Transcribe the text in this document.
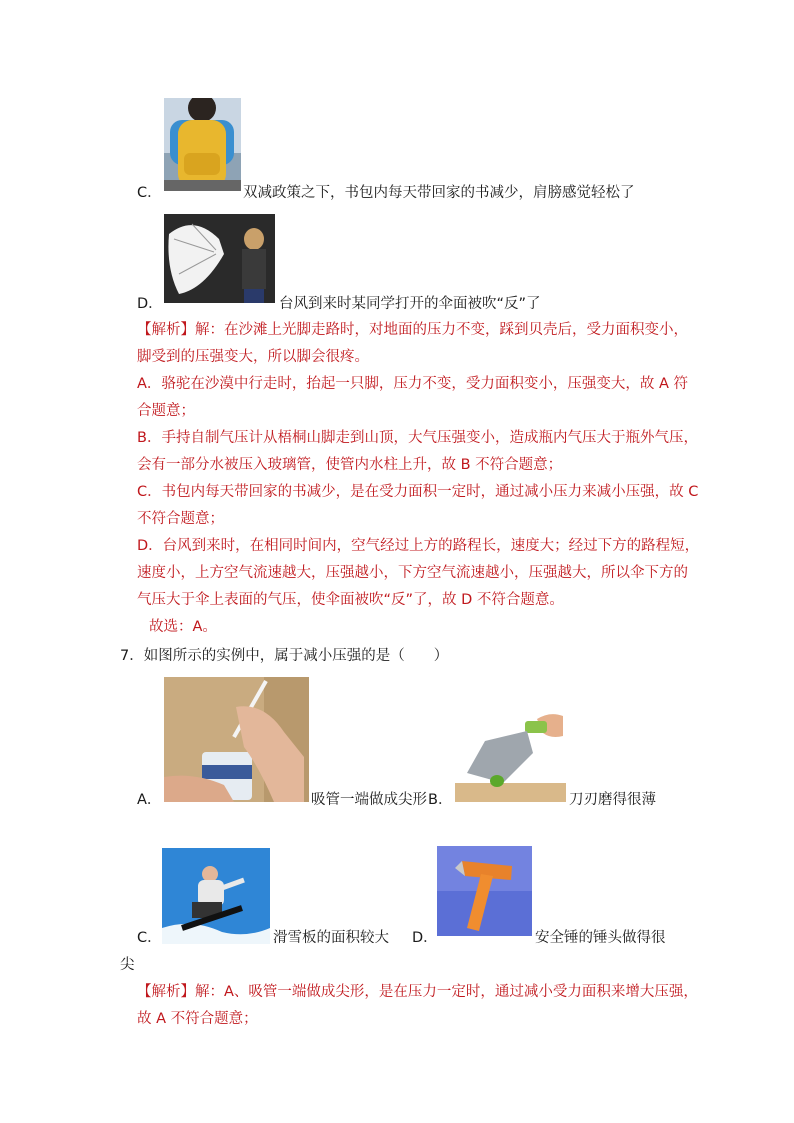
C．	双减政策之下，书包内每天带回家的书减少，肩膀感觉轻松了
D．	台风到来时某同学打开的伞面被吹“反”了
【解析】 解：在沙滩上光脚走路时，对地面的压力不变，踩到贝壳后，受力面积变小，
脚受到的压强变大，所以脚会很疼。
A．骆驼在沙漠中行走时，抬起一只脚，压力不变，受力面积变小，压强变大，故 A 符
合题意；
B．手持自制气压计从梧桐山脚走到山顶，大气压强变小，造成瓶内气压大于瓶外气压，
会有一部分水被压入玻璃管，使管内水柱上升，故 B 不符合题意；
C．书包内每天带回家的书减少，是在受力面积一定时，通过减小压力来减小压强，故 C
不符合题意；
D．台风到来时，在相同时间内，空气经过上方的路程长，速度大；经过下方的路程短，
速度小，上方空气流速越大，压强越小，下方空气流速越小，压强越大，所以伞下方的
气压大于伞上表面的气压，使伞面被吹“反”了，故 D 不符合题意。
故选：A。
7．如图所示的实例中，属于减小压强的是（　　）
A．	吸管一端做成尖形 B．	刀刃磨得很薄
C．	滑雪板的面积较大 D．	安全锤的锤头做得很
尖
【解析】 解：A、吸管一端做成尖形，是在压力一定时，通过减小受力面积来增大压强，
故 A 不符合题意；
